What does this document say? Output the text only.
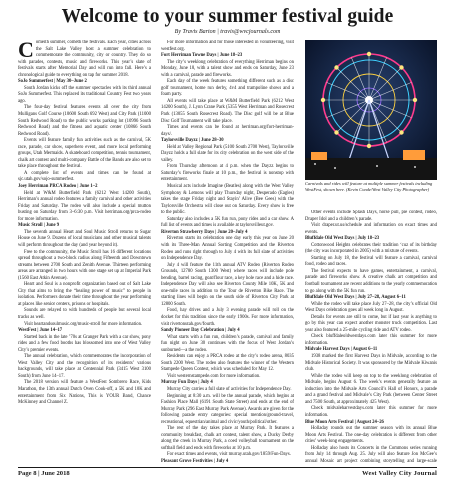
Welcome to your summer festival guide
By Travis Barton | travis@wvcjournals.com

Comeith summer, cometh the festivals. Each year, cities across the Salt Lake Valley host a summer celebration to commemorate the community, city or country. They do so with parades, contests, music and fireworks. This year’s slate of festivals starts after Memorial Day and will run into fall. Here’s a chronological guide to everything on tap for summer 2018.

SoJo Summerfest | May 30–June 2

South Jordan kicks off the summer spectacles with its third annual SoJo Summerfest. This replaced its traditional Country Fest two years ago.

The four-day festival features events all over the city from Mulligans Golf Course (10600 South 692 West) and City Park (11000 South Redwood Road) to the public works parking lot (10996 South Redwood Road) and the fitness and aquatic center (10866 South Redwood Road).

Events will feature family fun activities such as the carnival, 5K race, parade, car show, superhero event, and more local performing groups, Utah Mermaids. A skateboard competition, tennis tournament, chalk art contest and multi-company Battle of the Bands are also set to take place throughout the festival.

A complete list of events and times can be found at sjc.utah.gov/sojo-summerfest.

Joey Herriman PRCA Rodeo | June 1–2

Held at W&M Butterfield Park (6212 West 14200 South), Herriman’s annual rodeo features a family carnival and other activities Friday and Saturday. The rodeo will also include a special mutton busting on Saturday from 3–6:30 p.m. Visit herriman.org/prca-rodeo for more information.

Music Stroll | June 9

The seventh annual Heart and Soul Music Stroll returns to Sugar House on June 9. Dozens of local musicians and other musical talents will perform throughout the day (and year beyond it).

Free to the community, the Music Stroll has 16 different locations spread throughout a two-block radius along Fifteenth and Downtown streams between 2700 South and Zenith Avenue. Thirteen performing areas are arranged in two hours with one stage set up at Imperial Park (1560 East Atkin Avenue).

Heart and Soul is a nonprofit organization based out of Salt Lake City that aims to bring the “healing power of music” to people in isolation. Performers donate their time throughout the year performing at places like senior centers, prisons or hospitals.

Sounds are relayed to with hundreds of people but several local tracks as well.

Visit heartandsoulmusic.org/music-stroll for more information.

WestFest | June 14–17

Started back in the late ’70s at Granger Park with a car show, pony rides and a few food booths has blossomed into one of West Valley City’s premier events.

The annual celebration, which commemorates the incorporation of West Valley City and the recognition of its residents’ various backgrounds, will take place at Centennial Park (3415 West 3100 South) from June 14–17.

The 2018 version will feature a WestFest Sombrero Race, Kids Marathon, the 13th annual Dutch Oven Cook-off, a 5K and 10K and entertainment from Six Nations, This is YOUR Band, Chance McKinney and Channel Z.

For more information and for those interested in volunteering, visit westfest.org.

Fort Herriman Towne Days | June 18–23

The city’s weeklong celebration of everything Herriman begins on Monday, June 18, with a talent show and ends on Saturday, June 23 with a carnival, parade and fireworks.

Each day of the week features something different such as a disc golf tournament, home run derby, 4v4 and trampoline shows and a foam party.

All events will take place at W&M Butterfield Park (6212 West 14200 South), J. Lynn Crane Park (5355 West Herriman and Rosecrest Park (13055 South Rosecrest Road). The Disc golf will be at Blue Disc Golf Tournament will take place.

Times and events can be found at herriman.org/fort-herriman-days/.

Taylorsville Dayzz | June 28–30

Held at Valley Regional Park (5100 South 2700 West), Taylorsville Dayzz holds a full slate for its city celebration on the west side of the valley.

From Thursday afternoon at 4 p.m. when the Dayzz begins to Saturday’s fireworks finale at 10 p.m., the festival is nonstop with entertainment.

Musical acts include Imagine (Beatles) along with the West Valley Symphony & Lemons will play Thursday night, Desperado (Eagles) takes the stage Friday night and Stayin’ Alive (Bee Gees) with the Taylorsville Orchestra will close out on Saturday. Every show is free to the public.

Saturday also includes a 5K fun run, pony rides and a car show. A full list of events and times is available at taylorsvilleut.gov.

Riverton Strawberry Days | June 20–July 4

Riverton starts its celebration one day early this year on June 20 with its Three-Man Annual Sorting Competition and the Riverton Rodeo and runs right through to July 4 with its full slate of activities on Independence Day.

July 4 will feature the 11th annual ATV Rodeo (Riverton Rodeo Grounds, 12780 South 1300 West) where races will include pole bending, barrel racing, goat/flour race, a key hole race and a hide race. Independence Day will also see Riverton County Mile 10K, 5K and one-mile races in addition to the Tour de Riverton Bike Race. The starting lines will begin on the south side of Riverton City Park at 12800 South.

Food, hay drives and a July 3 evening parade will roll on the docket for this tradition since the early 1900s. For more information, visit rivertonutah.gov/fourth.

Sandy Pioneer Day Celebration | July 4

What starts with a fun run, children’s parade, carnival and family fun night on June 30 continues with the focus of West Jordan’s sunburned—a the rodeo.

Residents can enjoy a PRCA rodeo at the city’s rodeo arena, 8035 South 2200 West. The rodeo also features the winner of the Western Stampede Queen Contest, which was scheduled for May 12.

Visit westernstampede.com for more information.

Murray Fun Days | July 4

Murray City carries a full slate of activities for Independence Day.

Beginning at 8:30 a.m. will be the annual parade, which begins at Fashion Place Mall (6191 South State Street) and ends at the end of Murray Park (296 East Murray Park Avenue). Awards are given for the following parade entry categories: special mention/ground-travel, recreational, equestrian/animal and civic/youth/political/other.

The rest of the day takes place at Murray Park. It features a community breakfast, chalk art contest, talent show, a Ducky Derby along the creek in Murray Park, a coed volleyball tournament on the softball field and ends with fireworks at 10 p.m.

For exact times and events, visit murray.utah.gov/1859/Fun-Days.

Pleasant Grove Festivities | July 4

Carnivals and rides will feature at multiple summer festivals including WestFest, shown here. (Kevin Conde/West Valley City Photographer)

Other events include Splash Days, horse pull, pie contest, rodeo, Draper Idol and a children’s parade.

Visit draper.ut.us/schedule and information on exact times and events.

Bluffdale Old West Days | July 18–23

Cottonwood Heights celebrates their tradition ‘cuz of its birthday (the city was incorporated in 2005) with a mixture of events.

Starting on July 18, the festival will feature a carnival, carnival food, rodeo and races.

The festival expects to have games, entertainment, a carnival, parade and fireworks show. A creative chalk art competition and football tournament are recent additions to the yearly commemoration to go along with the 5K fun run.

Bluffdale Old West Days | July 27–28, August 6–11

While the rodeo will take place July 27–28, the city’s official Old West Days celebration goes all week long in August.

Details for events are still to come, but if last year is anything to go by this year can expect another monster truck competition. Last year also featured a 25-mile cycling ride and ATV rodeo.

Check bluffdaleoldwestdays.com later this summer for more information.

Midvale Harvest Days | August 6–11

1938 marked the first Harvest Days in Midvale, according to the Midvale Historical Society. It was sponsored by the Midvale Kiwanis club.

While the rodeo will keep on top to the weeklong celebration of Midvale, begins August 6. The week’s events generally feature an induction into the Midvale Arts Council’s Hall of Honors, a parade and a grand festival and Midvale’s City Park (between Center Street and 7500 South, at approximately 425 West).

Check midvaleharvestdays.com later this summer for more information.

Blue Moon Arts Festival | August 24–26

Holladay rounds out the summer season with its annual Blue Moon Arts Festival. The one-day celebration is different from other cities’ week-long engagements.

Holladay also hosts its Concerts in the Commons series running from July 14 through Aug. 25. July will also feature Jon McGee’s annual Mosaic art project combining storytelling and large-scale

Page 8 | June 2018	West Valley City Journal
